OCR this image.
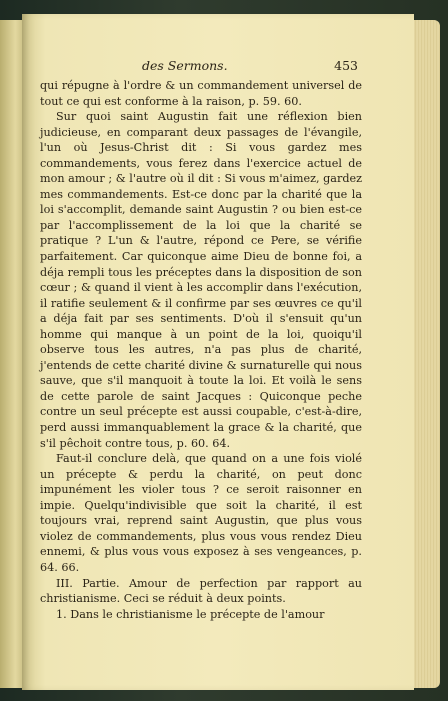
des Sermons.	453

qui répugne à l'ordre & un commandement universel de tout ce qui est conforme à la raison, p. 59. 60.

Sur quoi saint Augustin fait une réflexion bien judicieuse, en comparant deux passages de l'évangile, l'un où Jesus-Christ dit : Si vous gardez mes commandements, vous ferez dans l'exercice actuel de mon amour ; & l'autre où il dit : Si vous m'aimez, gardez mes commandements. Est-ce donc par la charité que la loi s'accomplit, demande saint Augustin ? ou bien est-ce par l'accomplissement de la loi que la charité se pratique ? L'un & l'autre, répond ce Pere, se vérifie parfaitement. Car quiconque aime Dieu de bonne foi, a déja rempli tous les préceptes dans la disposition de son cœur ; & quand il vient à les accomplir dans l'exécution, il ratifie seulement & il confirme par ses œuvres ce qu'il a déja fait par ses sentiments. D'où il s'ensuit qu'un homme qui manque à un point de la loi, quoiqu'il observe tous les autres, n'a pas plus de charité, j'entends de cette charité divine & surnaturelle qui nous sauve, que s'il manquoit à toute la loi. Et voilà le sens de cette parole de saint Jacques : Quiconque peche contre un seul précepte est aussi coupable, c'est-à-dire, perd aussi immanquablement la grace & la charité, que s'il pêchoit contre tous, p. 60. 64.

Faut-il conclure delà, que quand on a une fois violé un précepte & perdu la charité, on peut donc impunément les violer tous ? ce seroit raisonner en impie. Quelqu'indivisible que soit la charité, il est toujours vrai, reprend saint Augustin, que plus vous violez de commandements, plus vous vous rendez Dieu ennemi, & plus vous vous exposez à ses vengeances, p. 64. 66.

III. Partie. Amour de perfection par rapport au christianisme. Ceci se réduit à deux points.

1. Dans le christianisme le précepte de l'amour
